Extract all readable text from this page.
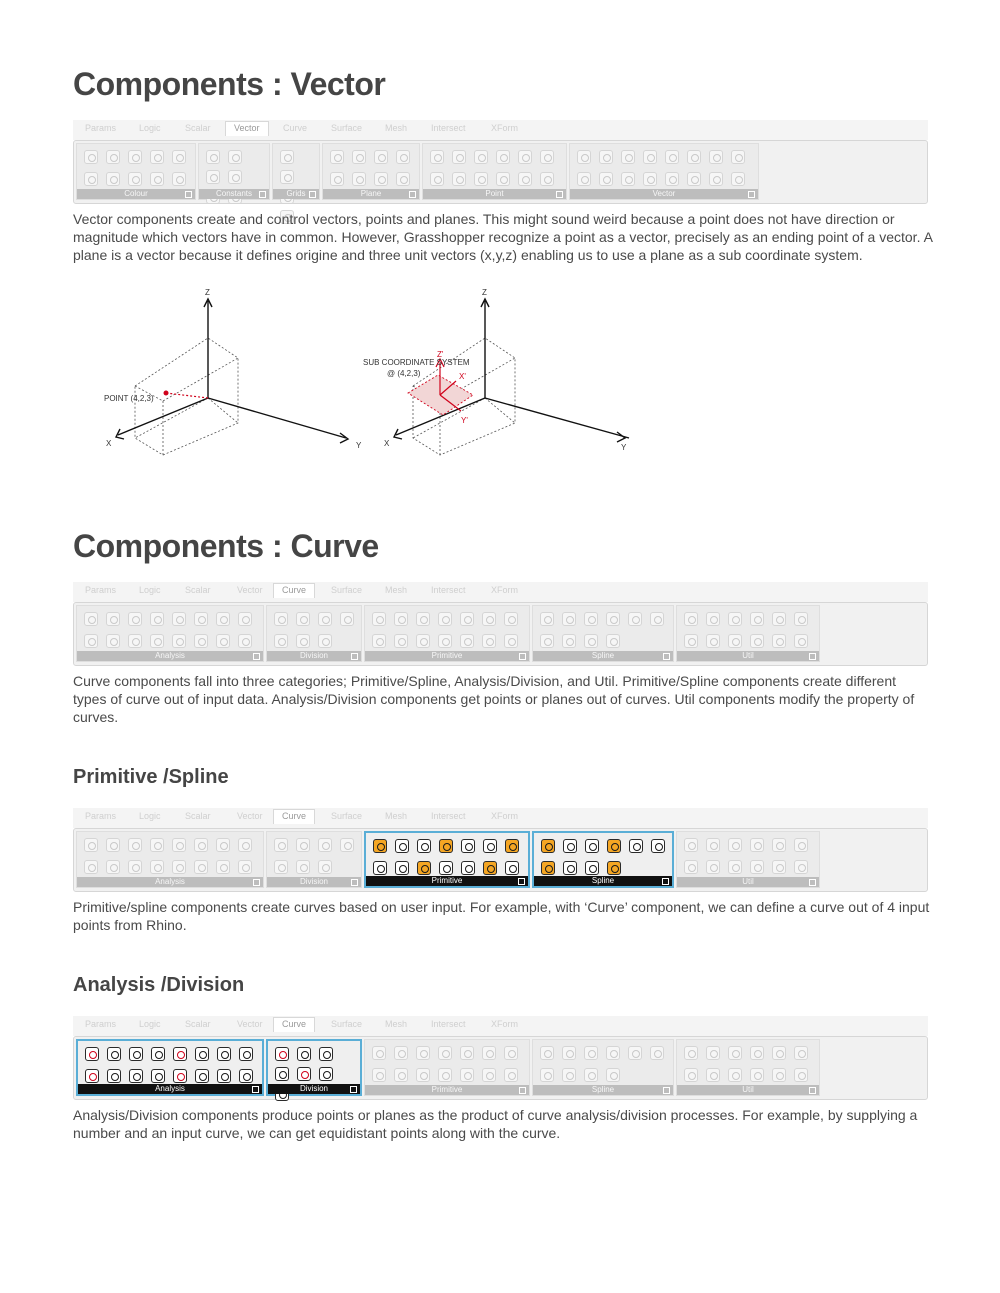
Components : Vector
Params	Logic	Scalar	Vector	Curve	Surface	Mesh	Intersect	XForm
Colour	Constants	Grids	Plane	Point	Vector

Vector components create and control vectors, points and planes. This might sound weird because a point does not have direction or magnitude which vectors have in common. However, Grasshopper recognize a point as a vector, precisely as an ending point of a vector. A plane is a vector because it defines origine and three unit vectors (x,y,z) enabling us to use a plane as a sub coordinate system.

Z
X	Y
POINT (4,2,3)
Z
X
SUB COORDINATE SYSTEM
@ (4,2,3)
Z'
X'
Y'
Y
Components : Curve
Params	Logic	Scalar	Vector	Curve	Surface	Mesh	Intersect	XForm
Analysis	Division	Primitive	Spline	Util

Curve components fall into three categories; Primitive/Spline, Analysis/Division, and Util. Primitive/Spline components create different types of curve out of input data. Analysis/Division components get points or planes out of curves. Util components modify the property of curves.

Primitive /Spline
Params	Logic	Scalar	Vector	Curve	Surface	Mesh	Intersect	XForm
Analysis	Division	Primitive	Spline	Util

Primitive/spline components create curves based on user input. For example, with ‘Curve’ component, we can define a curve out of 4 input points from Rhino.

Analysis /Division
Params	Logic	Scalar	Vector	Curve	Surface	Mesh	Intersect	XForm
Analysis	Division	Primitive	Spline	Util

Analysis/Division components produce points or planes as the product of curve analysis/division processes. For example, by supplying a number and an input curve, we can get equidistant points along with the curve.
